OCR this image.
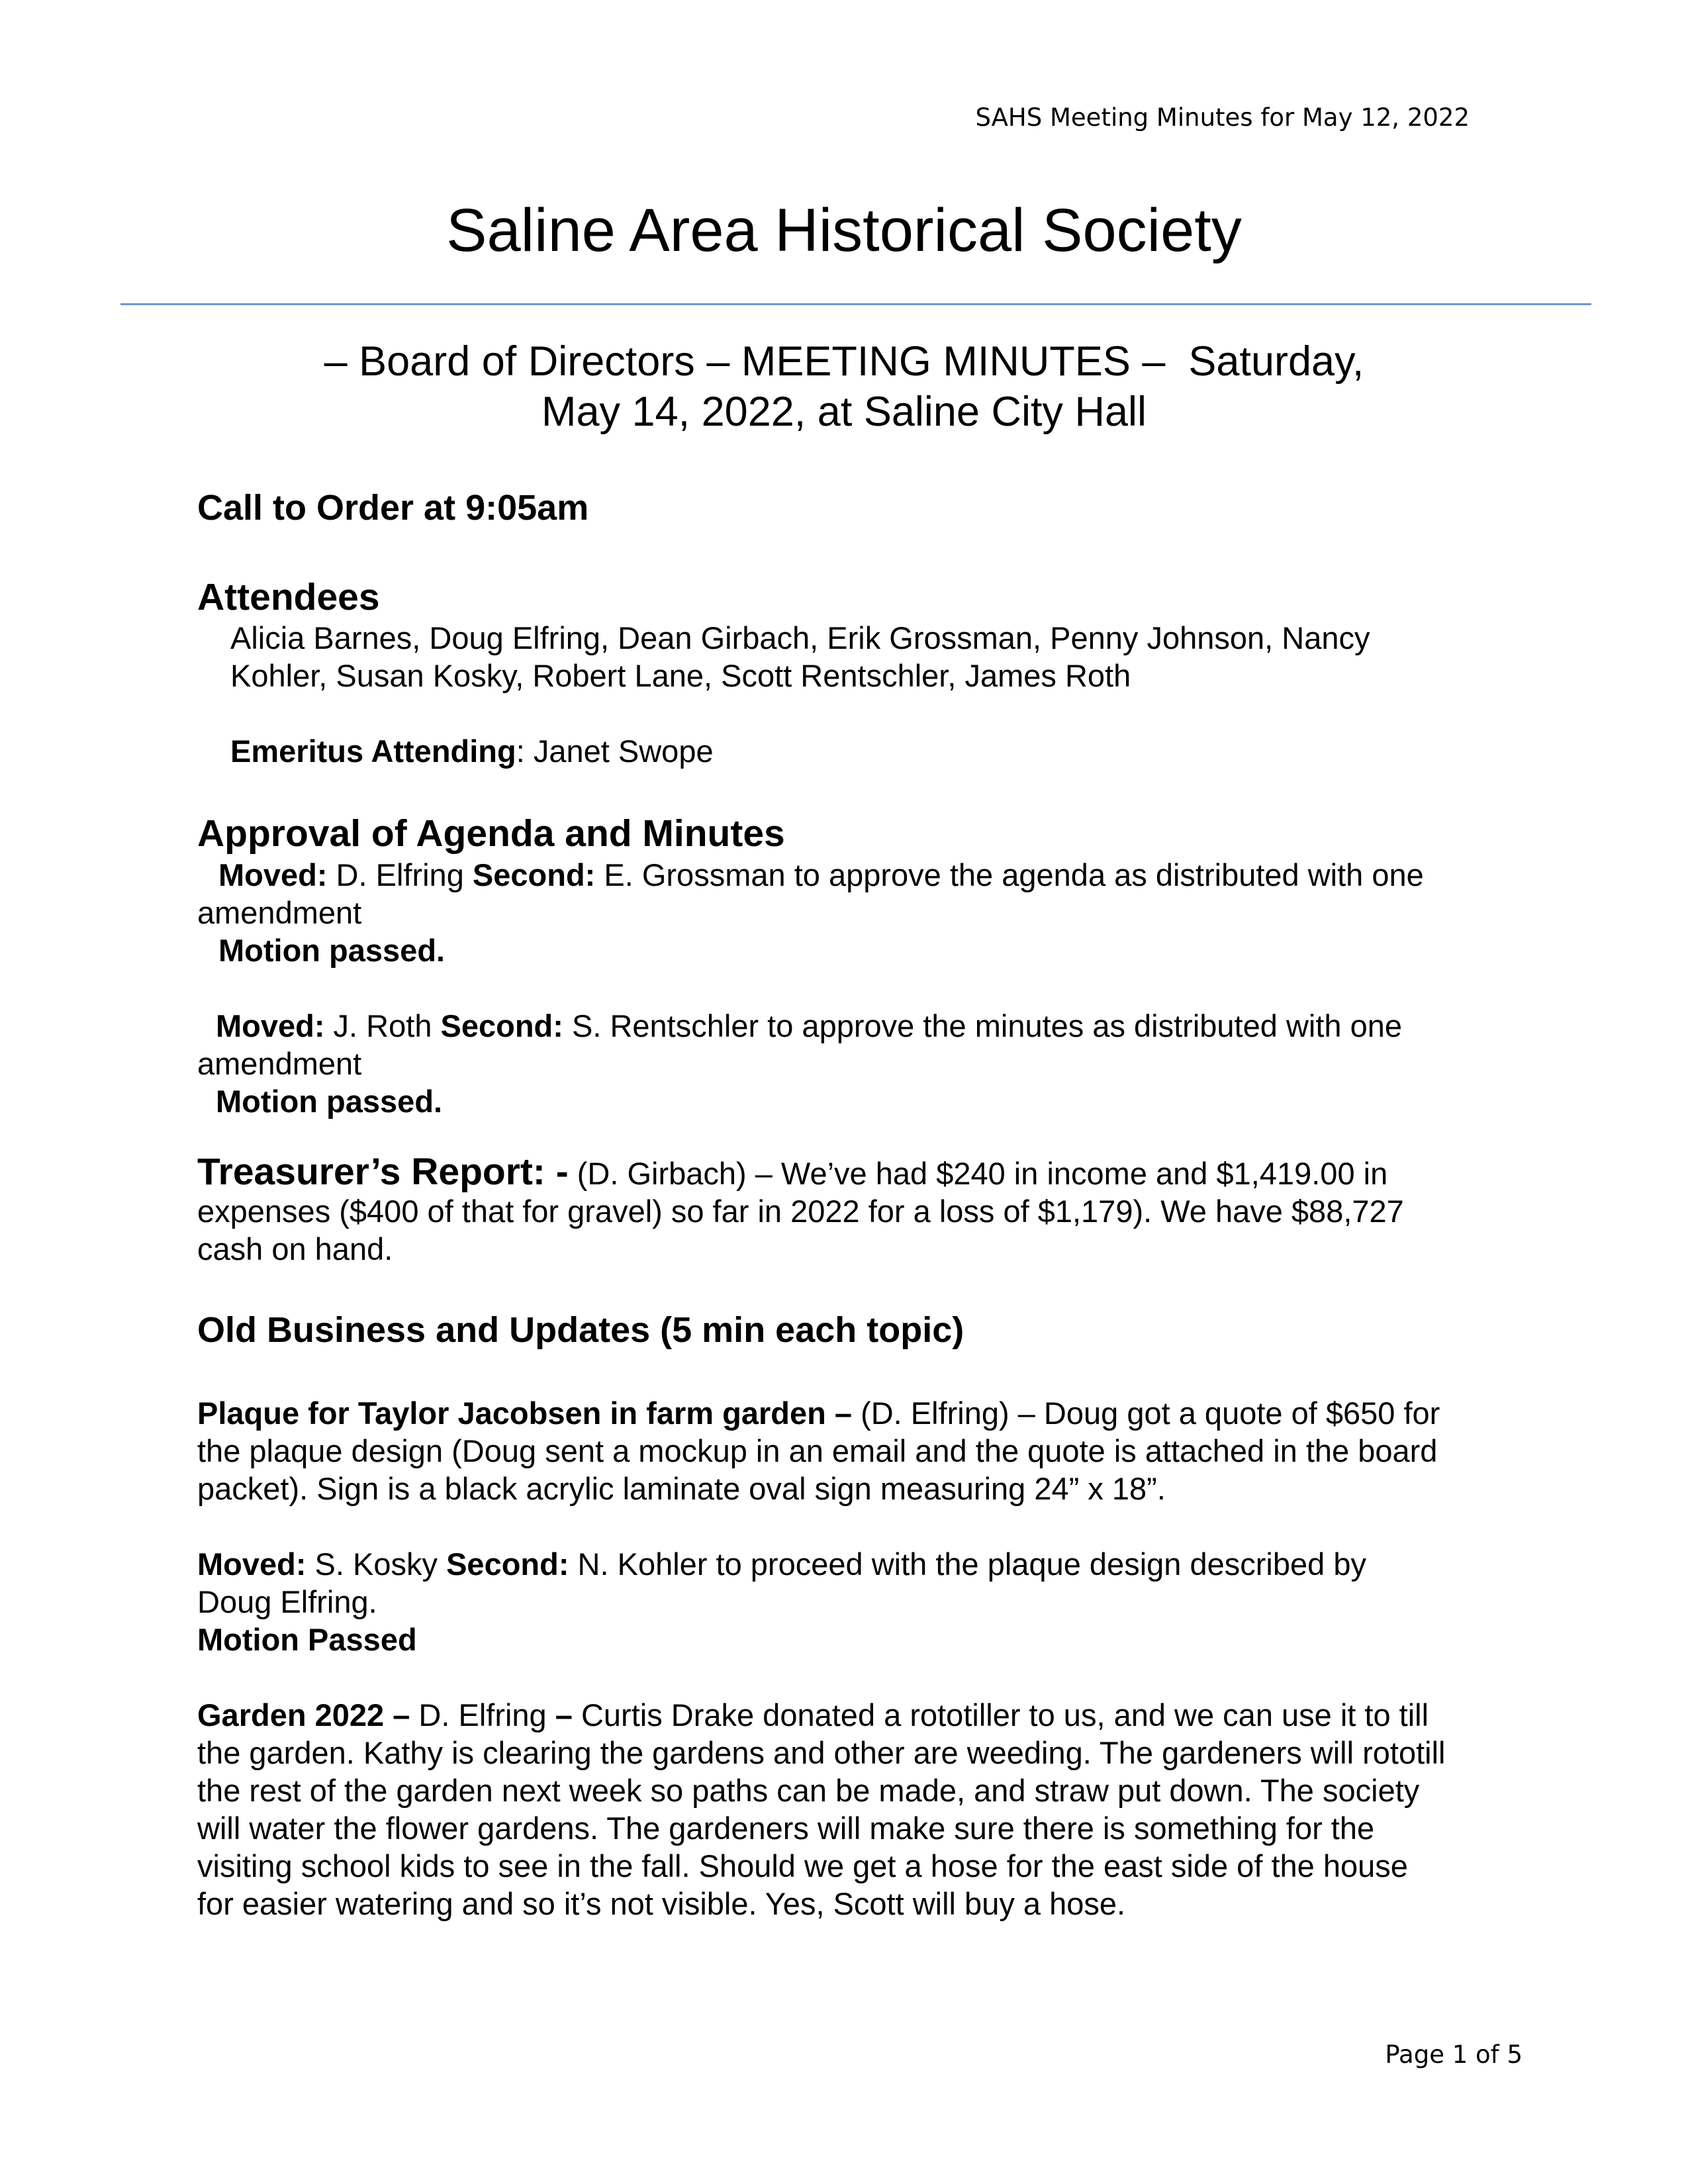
SAHS Meeting Minutes for May 12, 2022
Saline Area Historical Society
– Board of Directors – MEETING MINUTES –  Saturday,
May 14, 2022, at Saline City Hall
Call to Order at 9:05am
Attendees
Alicia Barnes, Doug Elfring, Dean Girbach, Erik Grossman, Penny Johnson, Nancy
Kohler, Susan Kosky, Robert Lane, Scott Rentschler, James Roth
Emeritus Attending: Janet Swope
Approval of Agenda and Minutes
Moved: D. Elfring Second: E. Grossman to approve the agenda as distributed with one
amendment
Motion passed.
Moved: J. Roth Second: S. Rentschler to approve the minutes as distributed with one
amendment
Motion passed.
Treasurer’s Report: - (D. Girbach) – We’ve had $240 in income and $1,419.00 in
expenses ($400 of that for gravel) so far in 2022 for a loss of $1,179). We have $88,727
cash on hand.
Old Business and Updates (5 min each topic)
Plaque for Taylor Jacobsen in farm garden – (D. Elfring) – Doug got a quote of $650 for
the plaque design (Doug sent a mockup in an email and the quote is attached in the board
packet). Sign is a black acrylic laminate oval sign measuring 24” x 18”.
Moved: S. Kosky Second: N. Kohler to proceed with the plaque design described by
Doug Elfring.
Motion Passed
Garden 2022 – D. Elfring – Curtis Drake donated a rototiller to us, and we can use it to till
the garden. Kathy is clearing the gardens and other are weeding. The gardeners will rototill
the rest of the garden next week so paths can be made, and straw put down. The society
will water the flower gardens. The gardeners will make sure there is something for the
visiting school kids to see in the fall. Should we get a hose for the east side of the house
for easier watering and so it’s not visible. Yes, Scott will buy a hose.
Page 1 of 5
